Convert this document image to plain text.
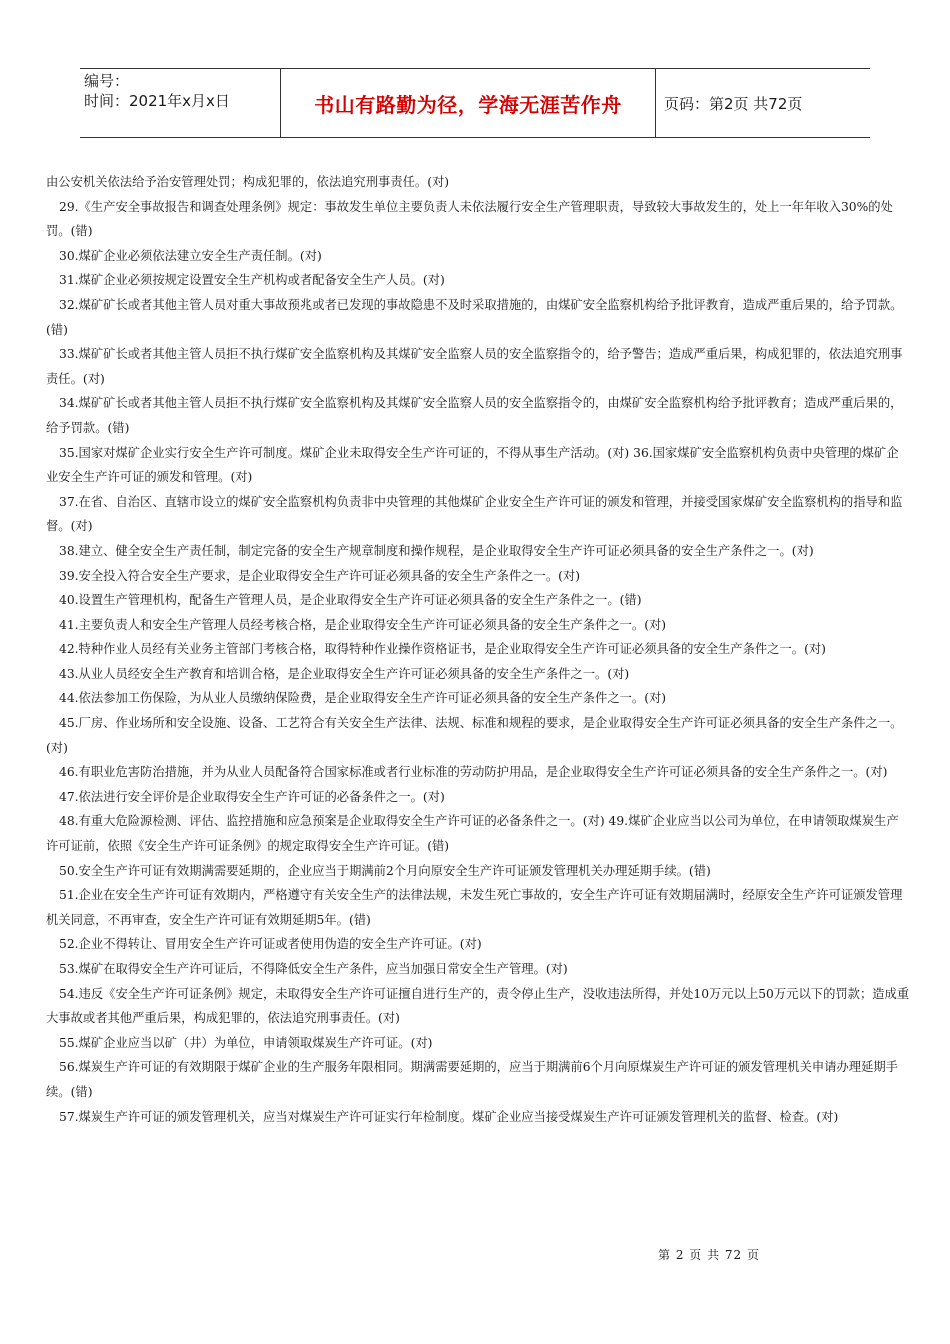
编号：
时间：2021年x月x日	书山有路勤为径，学海无涯苦作舟	页码：第2页 共72页

由公安机关依法给予治安管理处罚；构成犯罪的，依法追究刑事责任。(对)

29.《生产安全事故报告和调查处理条例》规定：事故发生单位主要负责人未依法履行安全生产管理职责，导致较大事故发生的，处上一年年收入30%的处罚。(错)

30.煤矿企业必须依法建立安全生产责任制。(对)

31.煤矿企业必须按规定设置安全生产机构或者配备安全生产人员。(对)

32.煤矿矿长或者其他主管人员对重大事故预兆或者已发现的事故隐患不及时采取措施的，由煤矿安全监察机构给予批评教育，造成严重后果的，给予罚款。(错)

33.煤矿矿长或者其他主管人员拒不执行煤矿安全监察机构及其煤矿安全监察人员的安全监察指令的，给予警告；造成严重后果，构成犯罪的，依法追究刑事责任。(对)

34.煤矿矿长或者其他主管人员拒不执行煤矿安全监察机构及其煤矿安全监察人员的安全监察指令的，由煤矿安全监察机构给予批评教育；造成严重后果的，给予罚款。(错)

35.国家对煤矿企业实行安全生产许可制度。煤矿企业未取得安全生产许可证的，不得从事生产活动。(对) 36.国家煤矿安全监察机构负责中央管理的煤矿企业安全生产许可证的颁发和管理。(对)

37.在省、自治区、直辖市设立的煤矿安全监察机构负责非中央管理的其他煤矿企业安全生产许可证的颁发和管理，并接受国家煤矿安全监察机构的指导和监督。(对)

38.建立、健全安全生产责任制，制定完备的安全生产规章制度和操作规程，是企业取得安全生产许可证必须具备的安全生产条件之一。(对)

39.安全投入符合安全生产要求，是企业取得安全生产许可证必须具备的安全生产条件之一。(对)

40.设置生产管理机构，配备生产管理人员，是企业取得安全生产许可证必须具备的安全生产条件之一。(错)

41.主要负责人和安全生产管理人员经考核合格，是企业取得安全生产许可证必须具备的安全生产条件之一。(对)

42.特种作业人员经有关业务主管部门考核合格，取得特种作业操作资格证书，是企业取得安全生产许可证必须具备的安全生产条件之一。(对)

43.从业人员经安全生产教育和培训合格，是企业取得安全生产许可证必须具备的安全生产条件之一。(对)

44.依法参加工伤保险，为从业人员缴纳保险费，是企业取得安全生产许可证必须具备的安全生产条件之一。(对)

45.厂房、作业场所和安全设施、设备、工艺符合有关安全生产法律、法规、标准和规程的要求，是企业取得安全生产许可证必须具备的安全生产条件之一。(对)

46.有职业危害防治措施，并为从业人员配备符合国家标准或者行业标准的劳动防护用品，是企业取得安全生产许可证必须具备的安全生产条件之一。(对)

47.依法进行安全评价是企业取得安全生产许可证的必备条件之一。(对)

48.有重大危险源检测、评估、监控措施和应急预案是企业取得安全生产许可证的必备条件之一。(对) 49.煤矿企业应当以公司为单位，在申请领取煤炭生产许可证前，依照《安全生产许可证条例》的规定取得安全生产许可证。(错)

50.安全生产许可证有效期满需要延期的，企业应当于期满前2个月向原安全生产许可证颁发管理机关办理延期手续。(错)

51.企业在安全生产许可证有效期内，严格遵守有关安全生产的法律法规，未发生死亡事故的，安全生产许可证有效期届满时，经原安全生产许可证颁发管理机关同意，不再审查，安全生产许可证有效期延期5年。(错)

52.企业不得转让、冒用安全生产许可证或者使用伪造的安全生产许可证。(对)

53.煤矿在取得安全生产许可证后，不得降低安全生产条件，应当加强日常安全生产管理。(对)

54.违反《安全生产许可证条例》规定，未取得安全生产许可证擅自进行生产的，责令停止生产，没收违法所得，并处10万元以上50万元以下的罚款；造成重大事故或者其他严重后果，构成犯罪的，依法追究刑事责任。(对)

55.煤矿企业应当以矿（井）为单位，申请领取煤炭生产许可证。(对)

56.煤炭生产许可证的有效期限于煤矿企业的生产服务年限相同。期满需要延期的，应当于期满前6个月向原煤炭生产许可证的颁发管理机关申请办理延期手续。(错)

57.煤炭生产许可证的颁发管理机关，应当对煤炭生产许可证实行年检制度。煤矿企业应当接受煤炭生产许可证颁发管理机关的监督、检查。(对)

第 2 页 共 72 页
